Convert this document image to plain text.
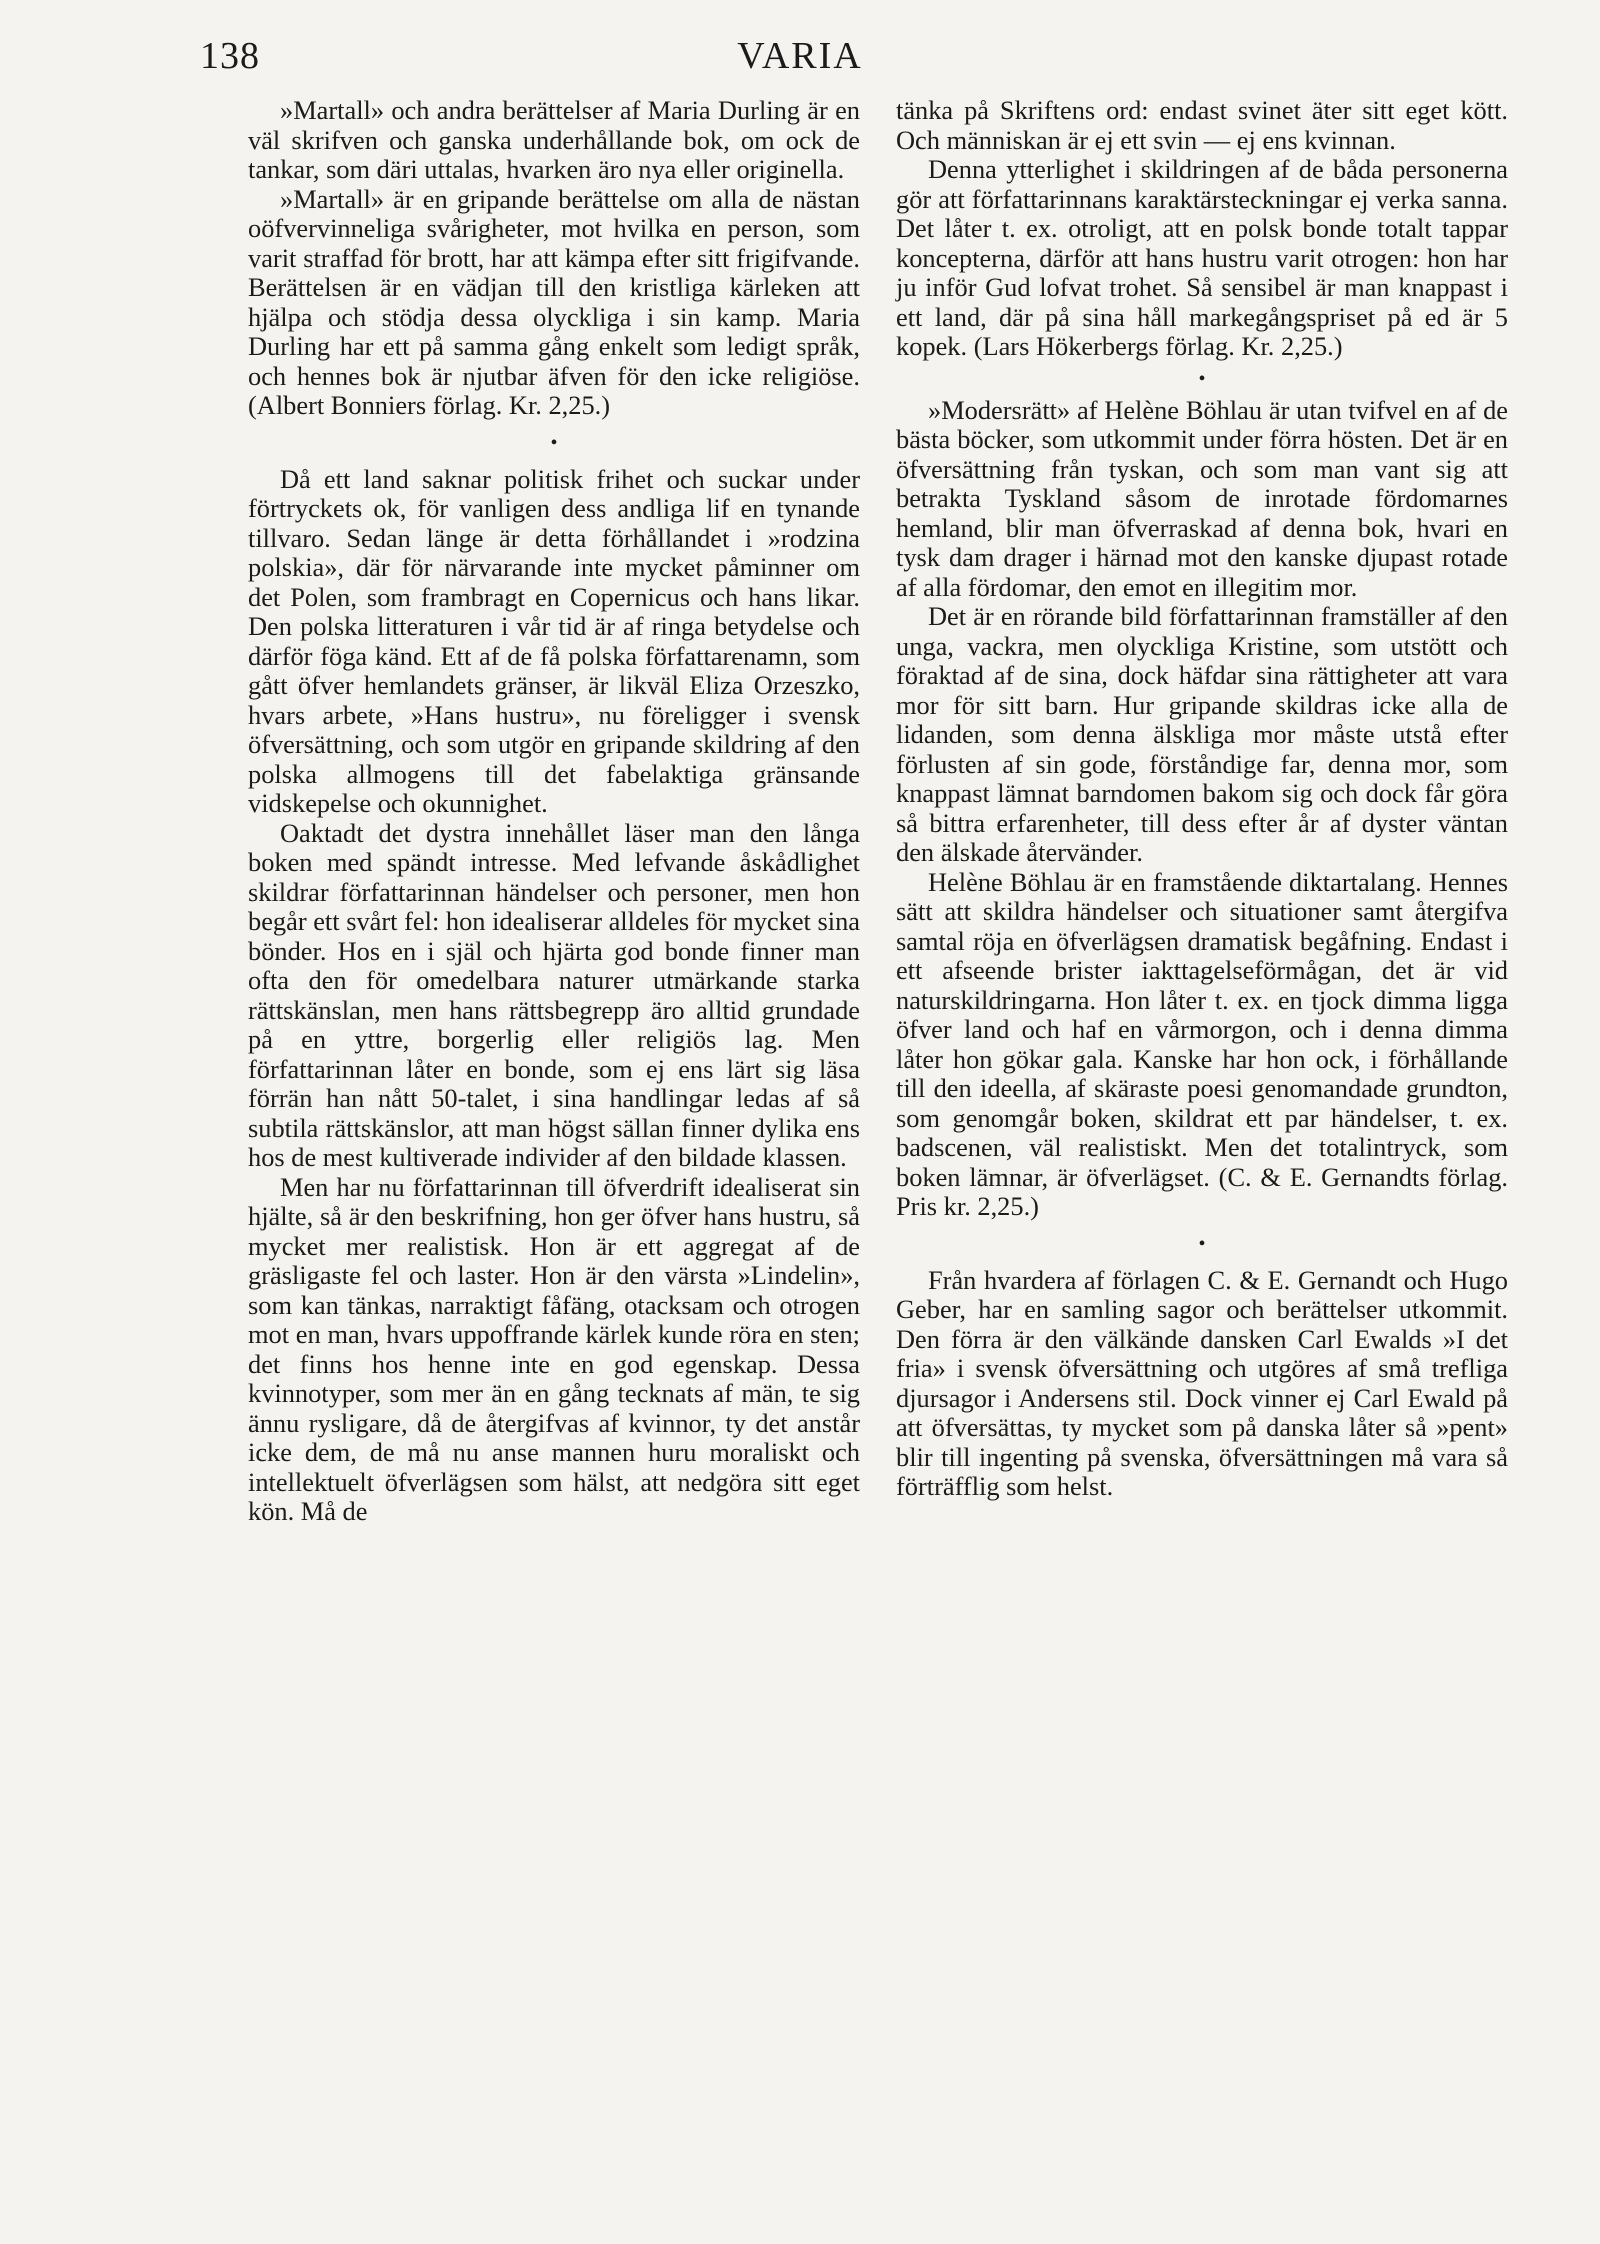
138	VARIA

»Martall» och andra berättelser af Maria Durling är en väl skrifven och ganska underhållande bok, om ock de tankar, som däri uttalas, hvarken äro nya eller originella.

»Martall» är en gripande berättelse om alla de nästan oöfvervinneliga svårigheter, mot hvilka en person, som varit straffad för brott, har att kämpa efter sitt frigifvande. Berättelsen är en vädjan till den kristliga kärleken att hjälpa och stödja dessa olyckliga i sin kamp. Maria Durling har ett på samma gång enkelt som ledigt språk, och hennes bok är njutbar äfven för den icke religiöse. (Albert Bonniers förlag. Kr. 2,25.)

•

Då ett land saknar politisk frihet och suckar under förtryckets ok, för vanligen dess andliga lif en tynande tillvaro. Sedan länge är detta förhållandet i »rodzina polskia», där för närvarande inte mycket påminner om det Polen, som frambragt en Copernicus och hans likar. Den polska litteraturen i vår tid är af ringa betydelse och därför föga känd. Ett af de få polska författarenamn, som gått öfver hemlandets gränser, är likväl Eliza Orzeszko, hvars arbete, »Hans hustru», nu föreligger i svensk öfversättning, och som utgör en gripande skildring af den polska allmogens till det fabelaktiga gränsande vidskepelse och okunnighet.

Oaktadt det dystra innehållet läser man den långa boken med spändt intresse. Med lefvande åskådlighet skildrar författarinnan händelser och personer, men hon begår ett svårt fel: hon idealiserar alldeles för mycket sina bönder. Hos en i själ och hjärta god bonde finner man ofta den för omedelbara naturer utmärkande starka rättskänslan, men hans rättsbegrepp äro alltid grundade på en yttre, borgerlig eller religiös lag. Men författarinnan låter en bonde, som ej ens lärt sig läsa förrän han nått 50-talet, i sina handlingar ledas af så subtila rättskänslor, att man högst sällan finner dylika ens hos de mest kultiverade individer af den bildade klassen.

Men har nu författarinnan till öfverdrift idealiserat sin hjälte, så är den beskrifning, hon ger öfver hans hustru, så mycket mer realistisk. Hon är ett aggregat af de gräsligaste fel och laster. Hon är den värsta »Lindelin», som kan tänkas, narraktigt fåfäng, otacksam och otrogen mot en man, hvars uppoffrande kärlek kunde röra en sten; det finns hos henne inte en god egenskap. Dessa kvinnotyper, som mer än en gång tecknats af män, te sig ännu rysligare, då de återgifvas af kvinnor, ty det anstår icke dem, de må nu anse mannen huru moraliskt och intellektuelt öfverlägsen som hälst, att nedgöra sitt eget kön. Må de

tänka på Skriftens ord: endast svinet äter sitt eget kött. Och människan är ej ett svin — ej ens kvinnan.

Denna ytterlighet i skildringen af de båda personerna gör att författarinnans karaktärsteckningar ej verka sanna. Det låter t. ex. otroligt, att en polsk bonde totalt tappar koncepterna, därför att hans hustru varit otrogen: hon har ju inför Gud lofvat trohet. Så sensibel är man knappast i ett land, där på sina håll markegångspriset på ed är 5 kopek. (Lars Hökerbergs förlag. Kr. 2,25.)

•

»Modersrätt» af Helène Böhlau är utan tvifvel en af de bästa böcker, som utkommit under förra hösten. Det är en öfversättning från tyskan, och som man vant sig att betrakta Tyskland såsom de inrotade fördomarnes hemland, blir man öfverraskad af denna bok, hvari en tysk dam drager i härnad mot den kanske djupast rotade af alla fördomar, den emot en illegitim mor.

Det är en rörande bild författarinnan framställer af den unga, vackra, men olyckliga Kristine, som utstött och föraktad af de sina, dock häfdar sina rättigheter att vara mor för sitt barn. Hur gripande skildras icke alla de lidanden, som denna älskliga mor måste utstå efter förlusten af sin gode, förståndige far, denna mor, som knappast lämnat barndomen bakom sig och dock får göra så bittra erfarenheter, till dess efter år af dyster väntan den älskade återvänder.

Helène Böhlau är en framstående diktartalang. Hennes sätt att skildra händelser och situationer samt återgifva samtal röja en öfverlägsen dramatisk begåfning. Endast i ett afseende brister iakttagelseförmågan, det är vid naturskildringarna. Hon låter t. ex. en tjock dimma ligga öfver land och haf en vårmorgon, och i denna dimma låter hon gökar gala. Kanske har hon ock, i förhållande till den ideella, af skäraste poesi genomandade grundton, som genomgår boken, skildrat ett par händelser, t. ex. badscenen, väl realistiskt. Men det totalintryck, som boken lämnar, är öfverlägset. (C. & E. Gernandts förlag. Pris kr. 2,25.)

•

Från hvardera af förlagen C. & E. Gernandt och Hugo Geber, har en samling sagor och berättelser utkommit. Den förra är den välkände dansken Carl Ewalds »I det fria» i svensk öfversättning och utgöres af små trefliga djursagor i Andersens stil. Dock vinner ej Carl Ewald på att öfversättas, ty mycket som på danska låter så »pent» blir till ingenting på svenska, öfversättningen må vara så förträfflig som helst.
